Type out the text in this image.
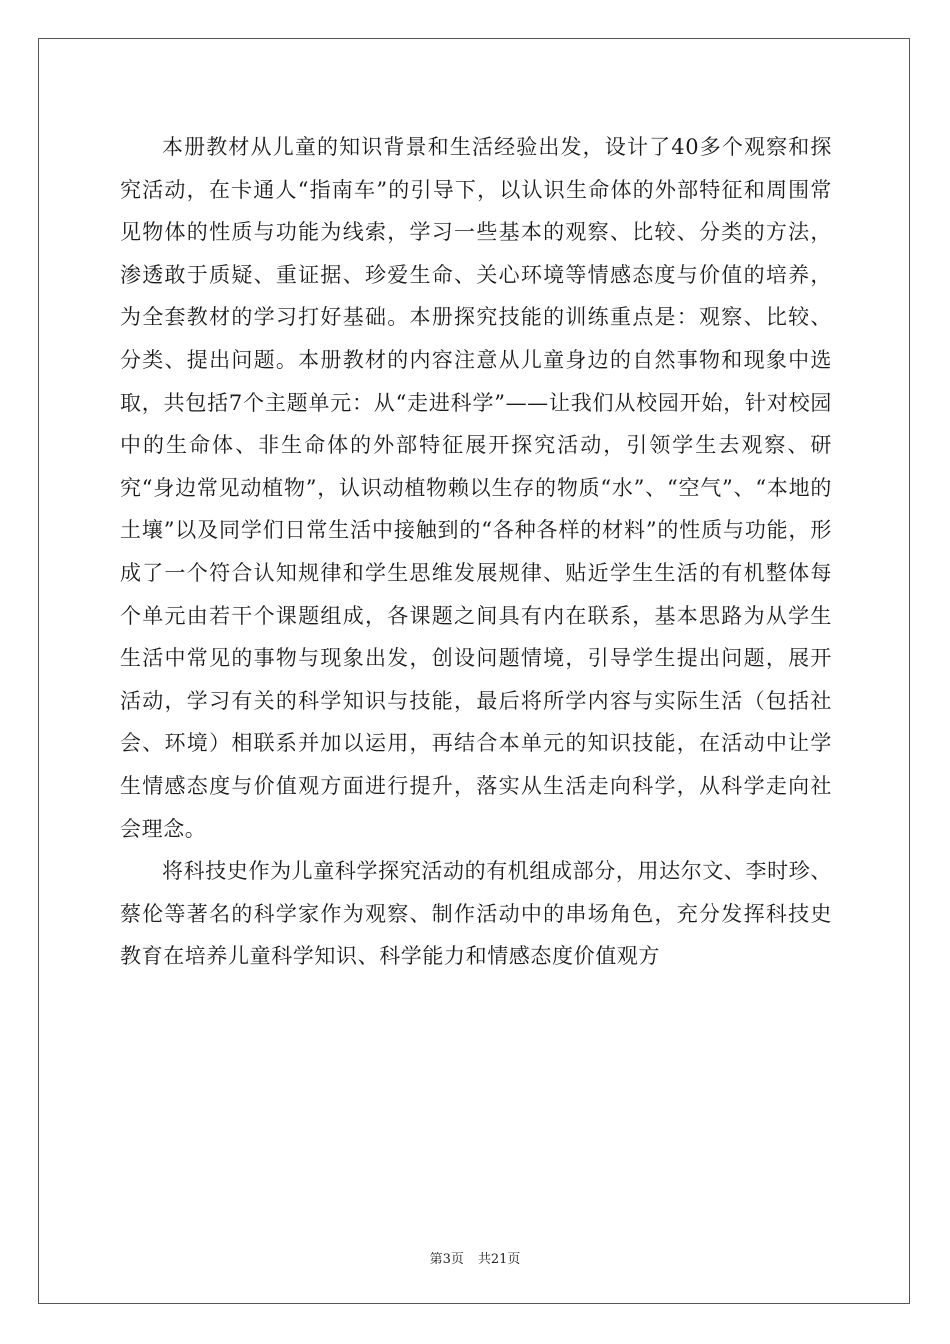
本册教材从儿童的知识背景和生活经验出发，设计了40多个观察和探究活动，在卡通人“指南车”的引导下，以认识生命体的外部特征和周围常见物体的性质与功能为线索，学习一些基本的观察、比较、分类的方法，渗透敢于质疑、重证据、珍爱生命、关心环境等情感态度与价值的培养，为全套教材的学习打好基础。本册探究技能的训练重点是：观察、比较、分类、提出问题。本册教材的内容注意从儿童身边的自然事物和现象中选取，共包括7个主题单元：从“走进科学”——让我们从校园开始，针对校园中的生命体、非生命体的外部特征展开探究活动，引领学生去观察、研究“身边常见动植物”，认识动植物赖以生存的物质“水”、“空气”、“本地的土壤”以及同学们日常生活中接触到的“各种各样的材料”的性质与功能，形成了一个符合认知规律和学生思维发展规律、贴近学生生活的有机整体每个单元由若干个课题组成，各课题之间具有内在联系，基本思路为从学生生活中常见的事物与现象出发，创设问题情境，引导学生提出问题，展开活动，学习有关的科学知识与技能，最后将所学内容与实际生活（包括社会、环境）相联系并加以运用，再结合本单元的知识技能，在活动中让学生情感态度与价值观方面进行提升，落实从生活走向科学，从科学走向社会理念。

将科技史作为儿童科学探究活动的有机组成部分，用达尔文、李时珍、蔡伦等著名的科学家作为观察、制作活动中的串场角色，充分发挥科技史教育在培养儿童科学知识、科学能力和情感态度价值观方

第3页 共21页
